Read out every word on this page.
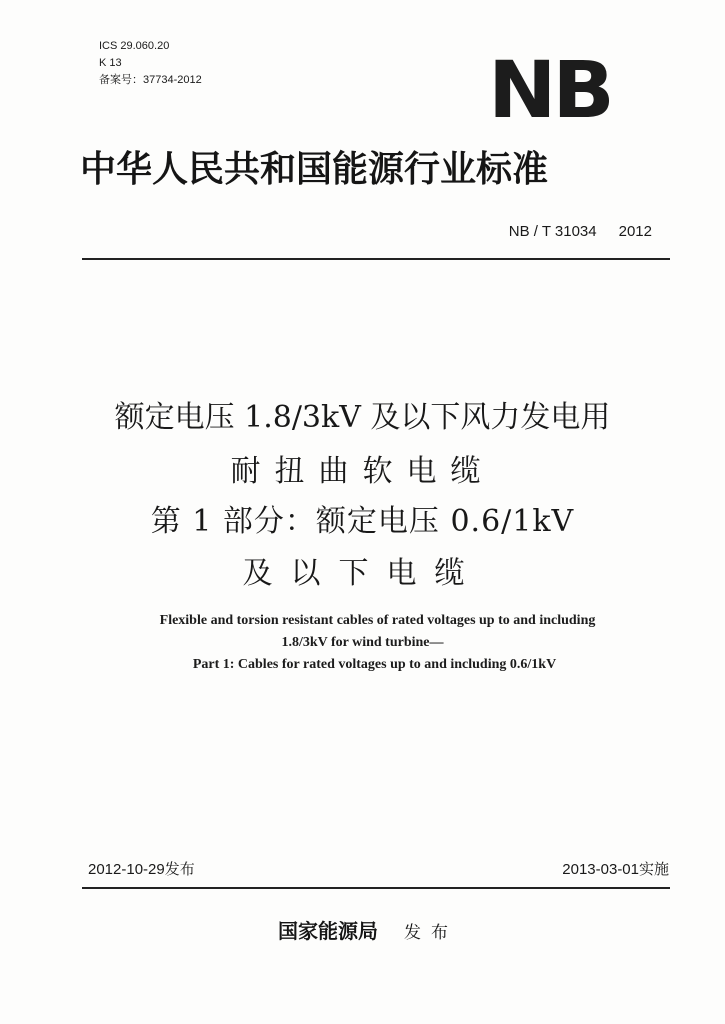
ICS 29.060.20
K 13
备案号：37734-2012	NB
中华人民共和国能源行业标准
NB / T 31034 2012
额定电压 1.8/3kV 及以下风力发电用
耐扭曲软电缆
第 1 部分：额定电压 0.6/1kV
及以下电缆
Flexible and torsion resistant cables of rated voltages up to and including
1.8/3kV for wind turbine—
Part 1: Cables for rated voltages up to and including 0.6/1kV
2012-10-29发布	2013-03-01实施
国家能源局 发布
